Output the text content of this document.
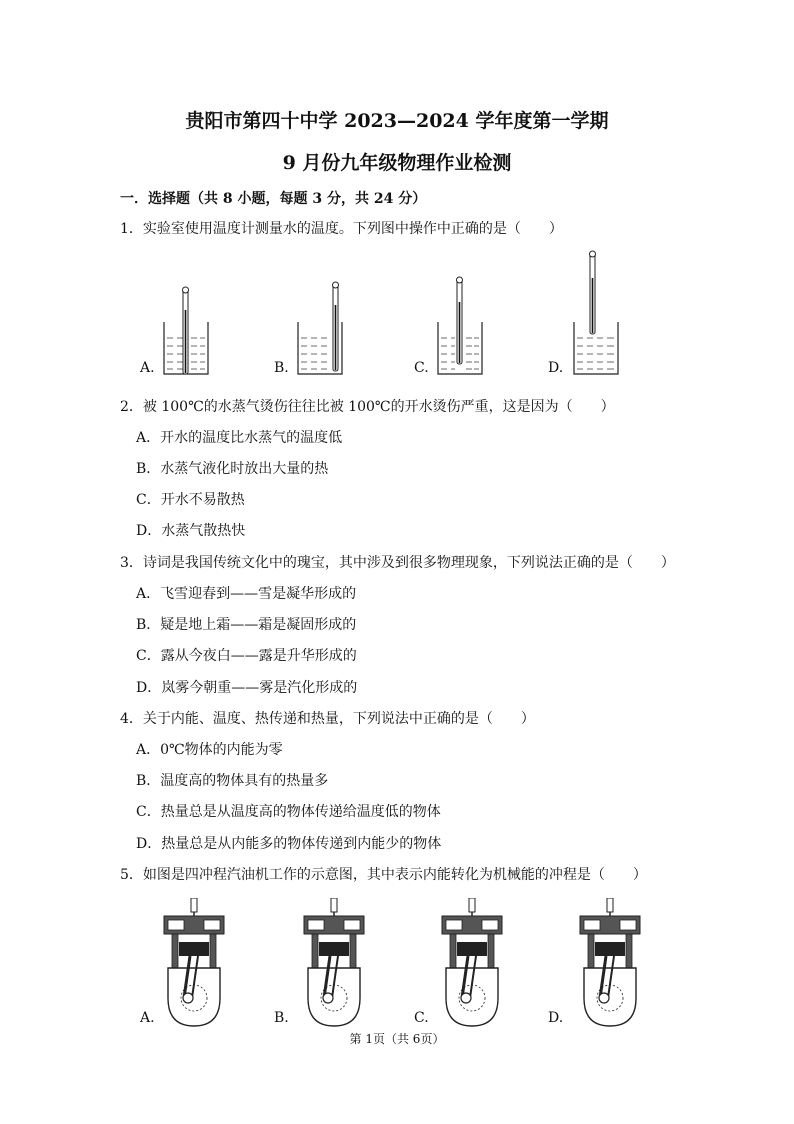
贵阳市第四十中学 2023—2024 学年度第一学期
9 月份九年级物理作业检测
一．选择题（共 8 小题，每题 3 分，共 24 分）
1．实验室使用温度计测量水的温度。下列图中操作中正确的是（　　）
A.	B.	C.	D.
2．被 100℃的水蒸气烫伤往往比被 100℃的开水烫伤严重，这是因为（　　）
A．开水的温度比水蒸气的温度低
B．水蒸气液化时放出大量的热
C．开水不易散热
D．水蒸气散热快
3．诗词是我国传统文化中的瑰宝，其中涉及到很多物理现象，下列说法正确的是（　　）
A．飞雪迎春到——雪是凝华形成的
B．疑是地上霜——霜是凝固形成的
C．露从今夜白——露是升华形成的
D．岚雾今朝重——雾是汽化形成的
4．关于内能、温度、热传递和热量，下列说法中正确的是（　　）
A．0℃物体的内能为零
B．温度高的物体具有的热量多
C．热量总是从温度高的物体传递给温度低的物体
D．热量总是从内能多的物体传递到内能少的物体
5．如图是四冲程汽油机工作的示意图，其中表示内能转化为机械能的冲程是（　　）
A.	B.	C.	D.
第 1页（共 6页）
